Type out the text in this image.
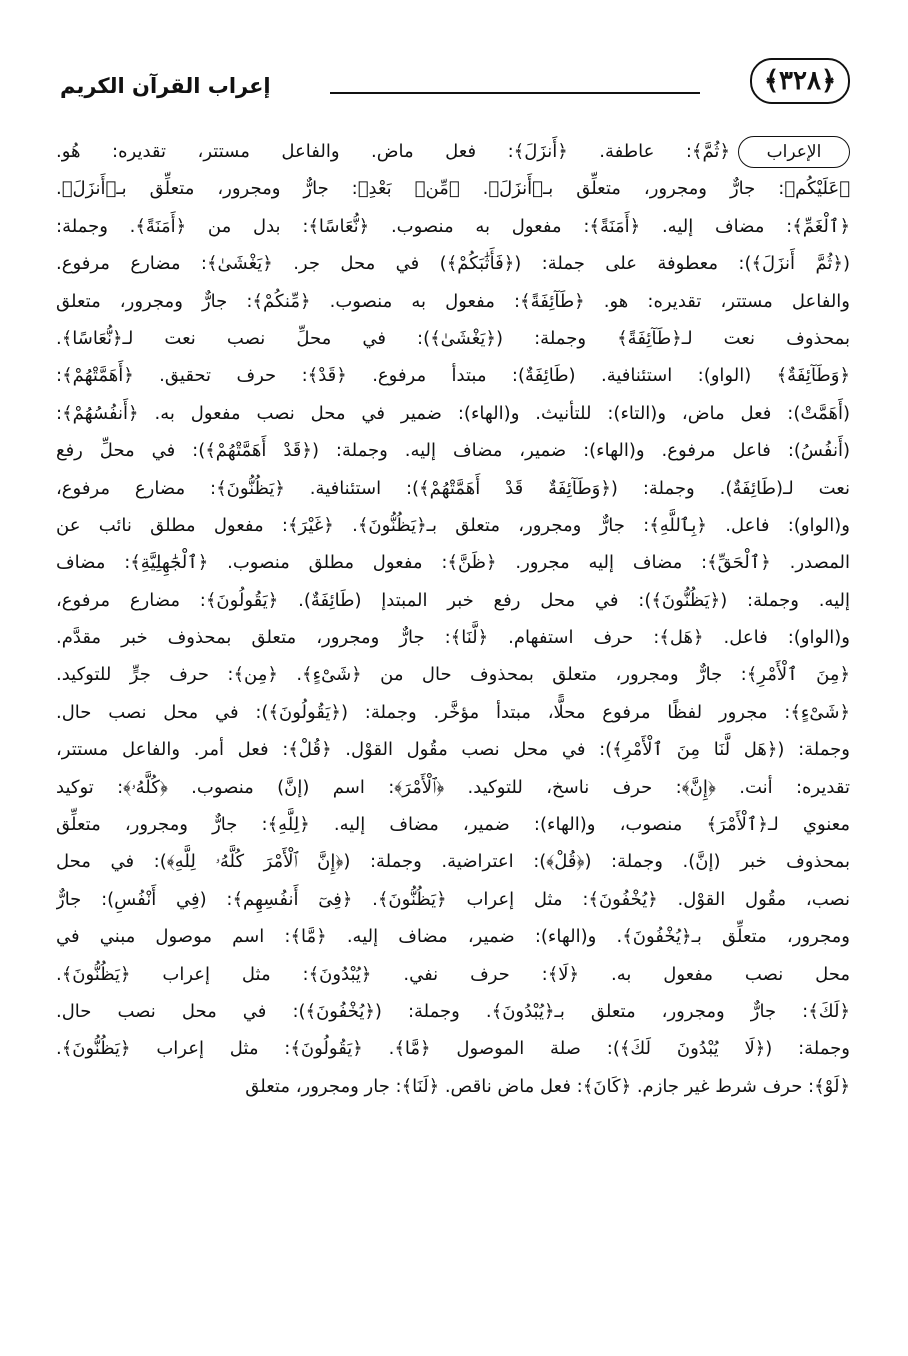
﴿٣٢٨﴾
إعراب القرآن الكريم
الإعراب
﴿ثُمَّ﴾: عاطفة. ﴿أَنزَلَ﴾: فعل ماض. والفاعل مستتر، تقديره: هُو.
﴿عَلَيْكُم﴾: جارٌّ ومجرور، متعلِّق بـ﴿أَنزَلَ﴾. ﴿مِّنۢ بَعْدِ﴾: جارٌّ ومجرور، متعلِّق بـ﴿أَنزَلَ﴾.
﴿ٱلْغَمِّ﴾: مضاف إليه. ﴿أَمَنَةً﴾: مفعول به منصوب. ﴿نُّعَاسًا﴾: بدل من ﴿أَمَنَةً﴾. وجملة:
(﴿ثُمَّ أَنزَلَ﴾): معطوفة على جملة: (﴿فَأَثَٰبَكُمْ﴾) في محل جر. ﴿يَغْشَىٰ﴾: مضارع مرفوع.
والفاعل مستتر، تقديره: هو. ﴿طَآئِفَةً﴾: مفعول به منصوب. ﴿مِّنكُمْ﴾: جارٌّ ومجرور، متعلق
بمحذوف نعت لـ﴿طَآئِفَةً﴾ وجملة: (﴿يَغْشَىٰ﴾): في محلِّ نصب نعت لـ﴿نُّعَاسًا﴾.
﴿وَطَآئِفَةٌ﴾ (الواو): استئنافية. (طَائِفَةٌ): مبتدأ مرفوع. ﴿قَدْ﴾: حرف تحقيق. ﴿أَهَمَّتْهُمْ﴾:
(أَهَمَّتْ): فعل ماض، و(التاء): للتأنيث. و(الهاء): ضمير في محل نصب مفعول به. ﴿أَنفُسُهُمْ﴾:
(أَنفُسُ): فاعل مرفوع. و(الهاء): ضمير، مضاف إليه. وجملة: (﴿قَدْ أَهَمَّتْهُمْ﴾): في محلِّ رفع
نعت لـ(طَائِفَةٌ). وجملة: (﴿وَطَآئِفَةٌ قَدْ أَهَمَّتْهُمْ﴾): استئنافية. ﴿يَظُنُّونَ﴾: مضارع مرفوع،
و(الواو): فاعل. ﴿بِٱللَّهِ﴾: جارٌّ ومجرور، متعلق بـ﴿يَظُنُّونَ﴾. ﴿غَيْرَ﴾: مفعول مطلق نائب عن
المصدر. ﴿ٱلْحَقِّ﴾: مضاف إليه مجرور. ﴿ظَنَّ﴾: مفعول مطلق منصوب. ﴿ٱلْجَٰهِلِيَّةِ﴾: مضاف
إليه. وجملة: (﴿يَظُنُّونَ﴾): في محل رفع خبر المبتدإ (طَائِفَةٌ). ﴿يَقُولُونَ﴾: مضارع مرفوع،
و(الواو): فاعل. ﴿هَل﴾: حرف استفهام. ﴿لَّنَا﴾: جارٌّ ومجرور، متعلق بمحذوف خبر مقدَّم.
﴿مِنَ ٱلْأَمْرِ﴾: جارٌّ ومجرور، متعلق بمحذوف حال من ﴿شَىْءٍ﴾. ﴿مِن﴾: حرف جرٍّ للتوكيد.
﴿شَىْءٍ﴾: مجرور لفظًا مرفوع محلًّا، مبتدأ مؤخَّر. وجملة: (﴿يَقُولُونَ﴾): في محل نصب حال.
وجملة: (﴿هَل لَّنَا مِنَ ٱلْأَمْرِ﴾): في محل نصب مقُول القوْل. ﴿قُلْ﴾: فعل أمر. والفاعل مستتر،
تقديره: أنت. ﴿إِنَّ﴾: حرف ناسخ، للتوكيد. ﴿ٱلْأَمْرَ﴾: اسم (إنَّ) منصوب. ﴿كُلَّهُۥ﴾: توكيد
معنوي لـ﴿ٱلْأَمْرَ﴾ منصوب، و(الهاء): ضمير، مضاف إليه. ﴿لِلَّهِ﴾: جارٌّ ومجرور، متعلِّق
بمحذوف خبر (إنَّ). وجملة: (﴿قُلْ﴾): اعتراضية. وجملة: (﴿إِنَّ ٱلْأَمْرَ كُلَّهُۥ لِلَّهِ﴾): في محل
نصب، مقُول القوْل. ﴿يُخْفُونَ﴾: مثل إعراب ﴿يَظُنُّونَ﴾. ﴿فِىٓ أَنفُسِهِم﴾: (فِي أَنْفُسِ): جارٌّ
ومجرور، متعلِّق بـ﴿يُخْفُونَ﴾. و(الهاء): ضمير، مضاف إليه. ﴿مَّا﴾: اسم موصول مبني في
محل نصب مفعول به. ﴿لَا﴾: حرف نفي. ﴿يُبْدُونَ﴾: مثل إعراب ﴿يَظُنُّونَ﴾.
﴿لَكَ﴾: جارٌّ ومجرور، متعلق بـ﴿يُبْدُونَ﴾. وجملة: (﴿يُخْفُونَ﴾): في محل نصب حال.
وجملة: (﴿لَا يُبْدُونَ لَكَ﴾): صلة الموصول ﴿مَّا﴾. ﴿يَقُولُونَ﴾: مثل إعراب ﴿يَظُنُّونَ﴾.
﴿لَوْ﴾: حرف شرط غير جازم. ﴿كَانَ﴾: فعل ماض ناقص. ﴿لَنَا﴾: جار ومجرور، متعلق
